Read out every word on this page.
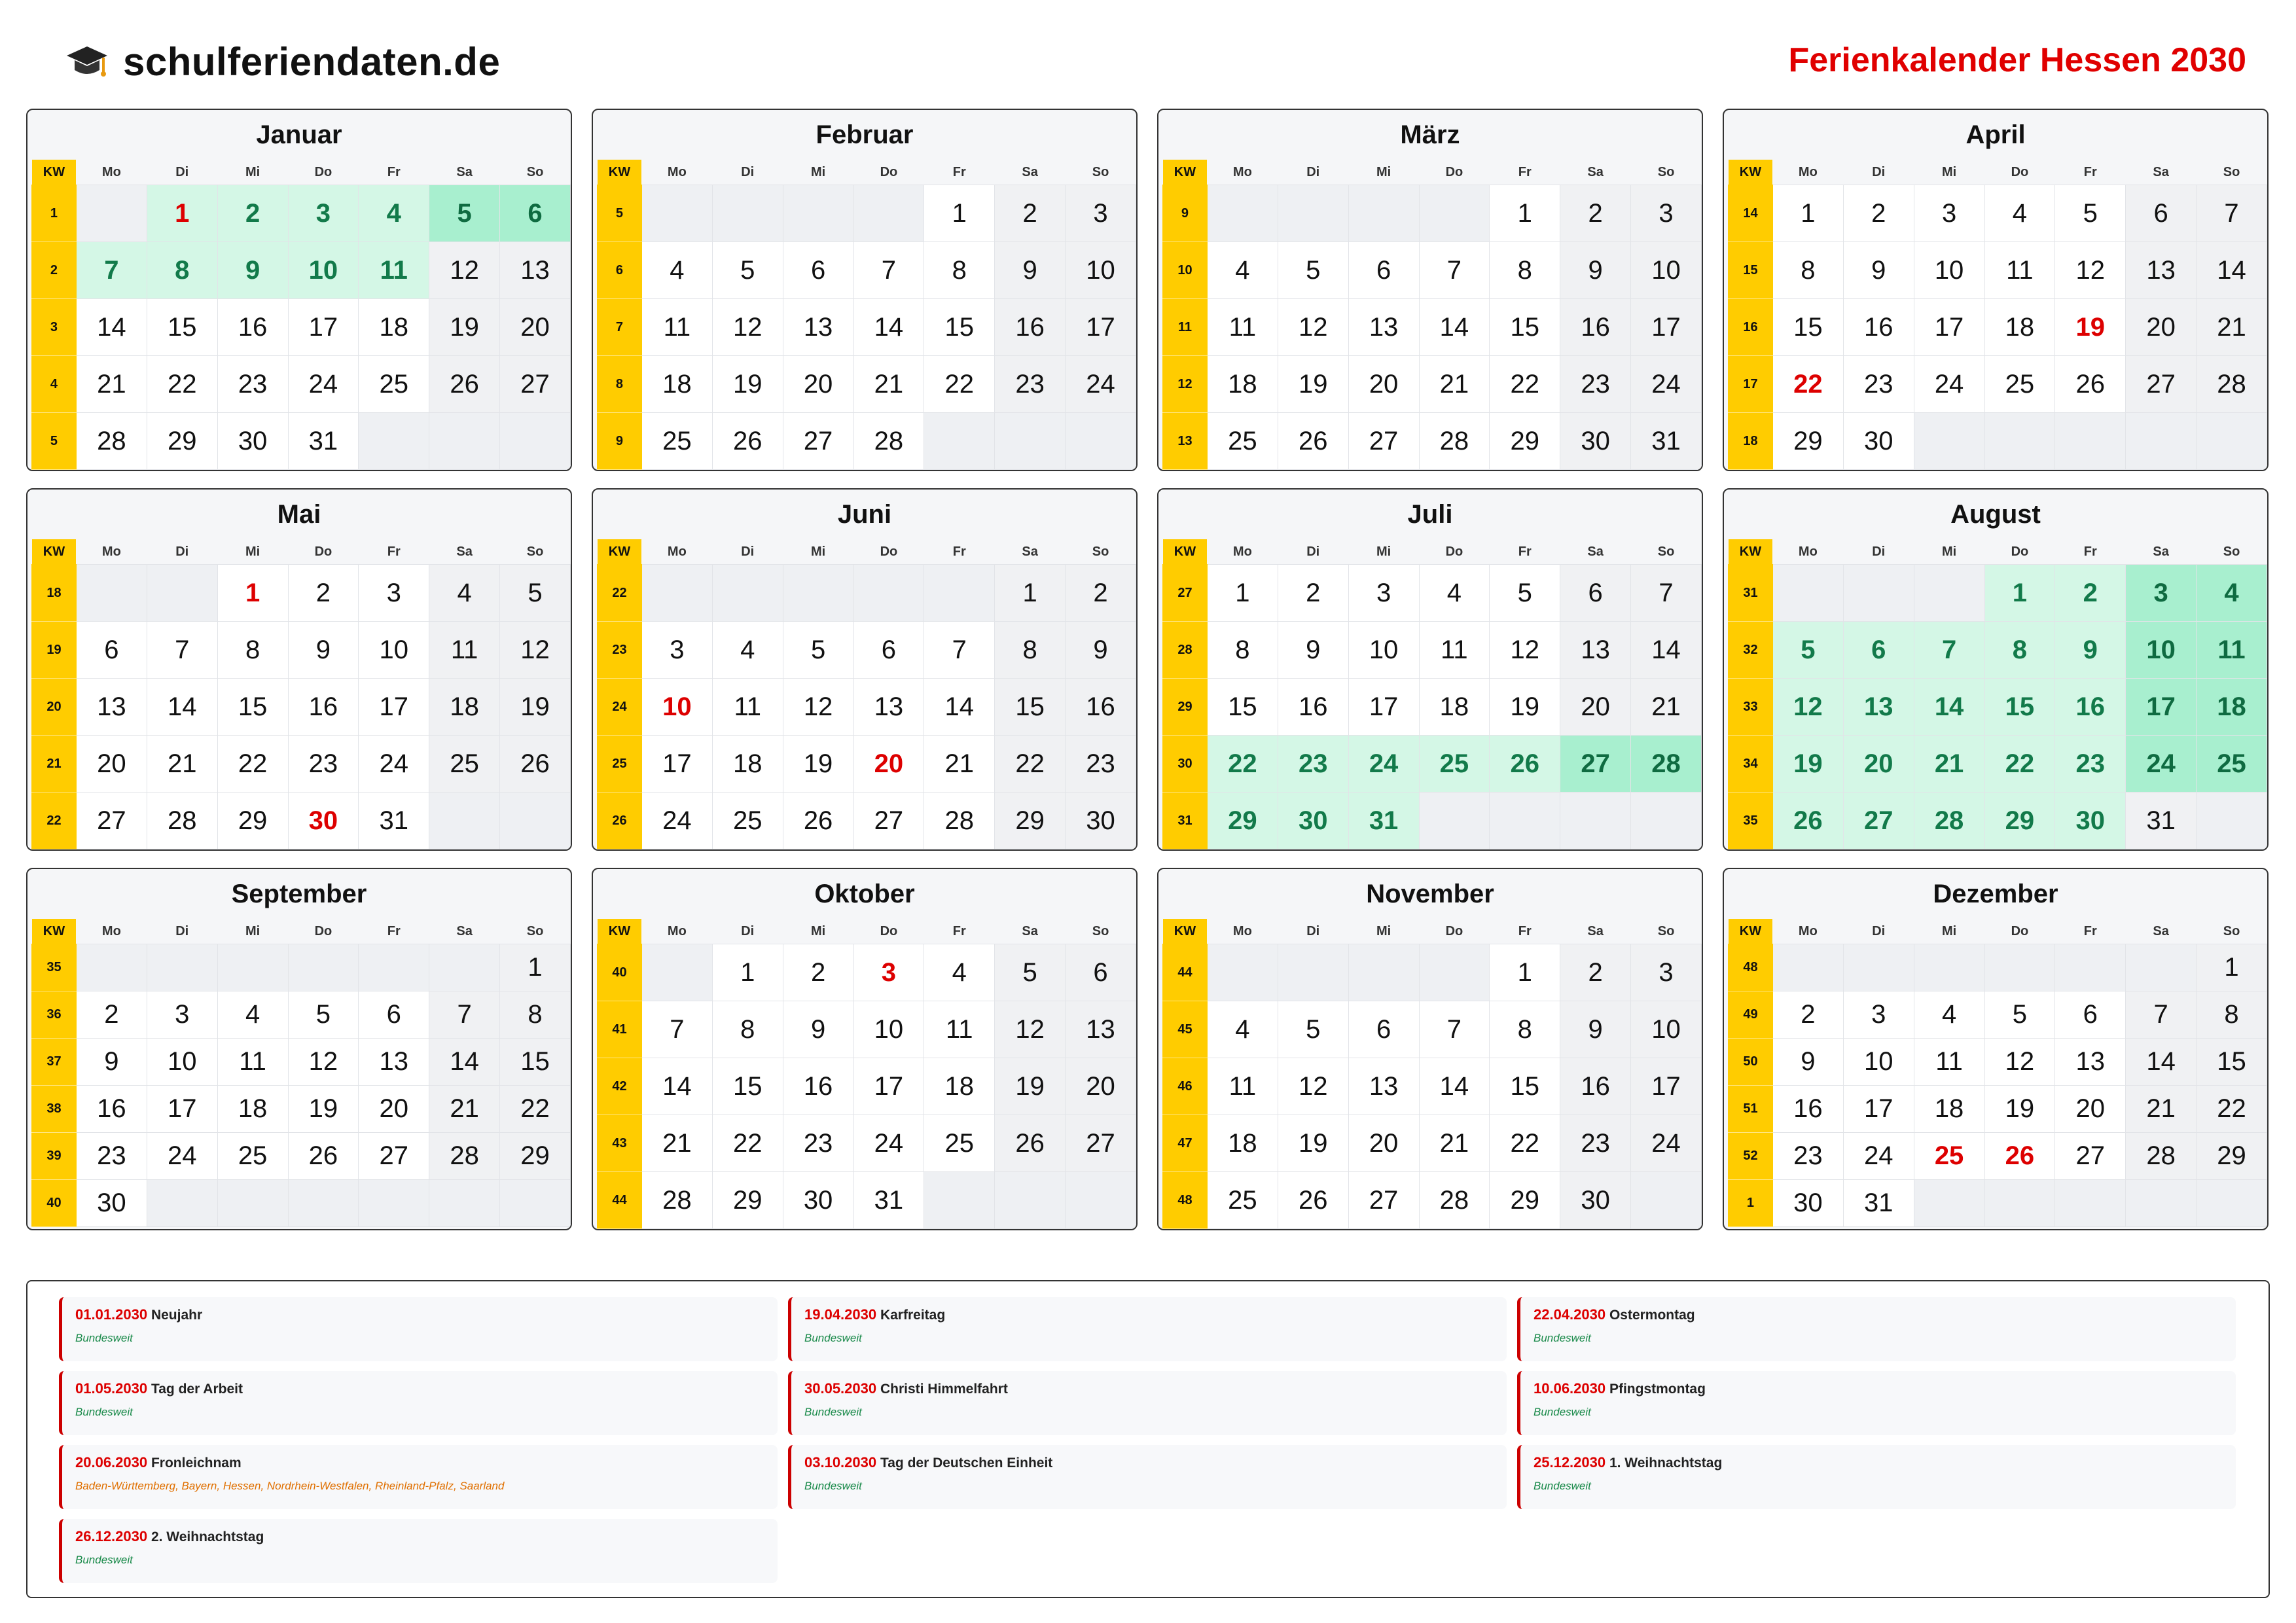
schulferiendaten.de	Ferienkalender Hessen 2030
Januar
KW	Mo	Di	Mi	Do	Fr	Sa	So
1		1	2	3	4	5	6
2	7	8	9	10	11	12	13
3	14	15	16	17	18	19	20
4	21	22	23	24	25	26	27
5	28	29	30	31			
Februar
KW	Mo	Di	Mi	Do	Fr	Sa	So
5					1	2	3
6	4	5	6	7	8	9	10
7	11	12	13	14	15	16	17
8	18	19	20	21	22	23	24
9	25	26	27	28			
März
KW	Mo	Di	Mi	Do	Fr	Sa	So
9					1	2	3
10	4	5	6	7	8	9	10
11	11	12	13	14	15	16	17
12	18	19	20	21	22	23	24
13	25	26	27	28	29	30	31
April
KW	Mo	Di	Mi	Do	Fr	Sa	So
14	1	2	3	4	5	6	7
15	8	9	10	11	12	13	14
16	15	16	17	18	19	20	21
17	22	23	24	25	26	27	28
18	29	30					
Mai
KW	Mo	Di	Mi	Do	Fr	Sa	So
18			1	2	3	4	5
19	6	7	8	9	10	11	12
20	13	14	15	16	17	18	19
21	20	21	22	23	24	25	26
22	27	28	29	30	31		
Juni
KW	Mo	Di	Mi	Do	Fr	Sa	So
22						1	2
23	3	4	5	6	7	8	9
24	10	11	12	13	14	15	16
25	17	18	19	20	21	22	23
26	24	25	26	27	28	29	30
Juli
KW	Mo	Di	Mi	Do	Fr	Sa	So
27	1	2	3	4	5	6	7
28	8	9	10	11	12	13	14
29	15	16	17	18	19	20	21
30	22	23	24	25	26	27	28
31	29	30	31				
August
KW	Mo	Di	Mi	Do	Fr	Sa	So
31				1	2	3	4
32	5	6	7	8	9	10	11
33	12	13	14	15	16	17	18
34	19	20	21	22	23	24	25
35	26	27	28	29	30	31	
September
KW	Mo	Di	Mi	Do	Fr	Sa	So
35							1
36	2	3	4	5	6	7	8
37	9	10	11	12	13	14	15
38	16	17	18	19	20	21	22
39	23	24	25	26	27	28	29
40	30						
Oktober
KW	Mo	Di	Mi	Do	Fr	Sa	So
40		1	2	3	4	5	6
41	7	8	9	10	11	12	13
42	14	15	16	17	18	19	20
43	21	22	23	24	25	26	27
44	28	29	30	31			
November
KW	Mo	Di	Mi	Do	Fr	Sa	So
44					1	2	3
45	4	5	6	7	8	9	10
46	11	12	13	14	15	16	17
47	18	19	20	21	22	23	24
48	25	26	27	28	29	30	
Dezember
KW	Mo	Di	Mi	Do	Fr	Sa	So
48							1
49	2	3	4	5	6	7	8
50	9	10	11	12	13	14	15
51	16	17	18	19	20	21	22
52	23	24	25	26	27	28	29
1	30	31					
01.01.2030 Neujahr
Bundesweit
19.04.2030 Karfreitag
Bundesweit
22.04.2030 Ostermontag
Bundesweit
01.05.2030 Tag der Arbeit
Bundesweit
30.05.2030 Christi Himmelfahrt
Bundesweit
10.06.2030 Pfingstmontag
Bundesweit
20.06.2030 Fronleichnam
Baden-Württemberg, Bayern, Hessen, Nordrhein-Westfalen, Rheinland-Pfalz, Saarland
03.10.2030 Tag der Deutschen Einheit
Bundesweit
25.12.2030 1. Weihnachtstag
Bundesweit
26.12.2030 2. Weihnachtstag
Bundesweit
